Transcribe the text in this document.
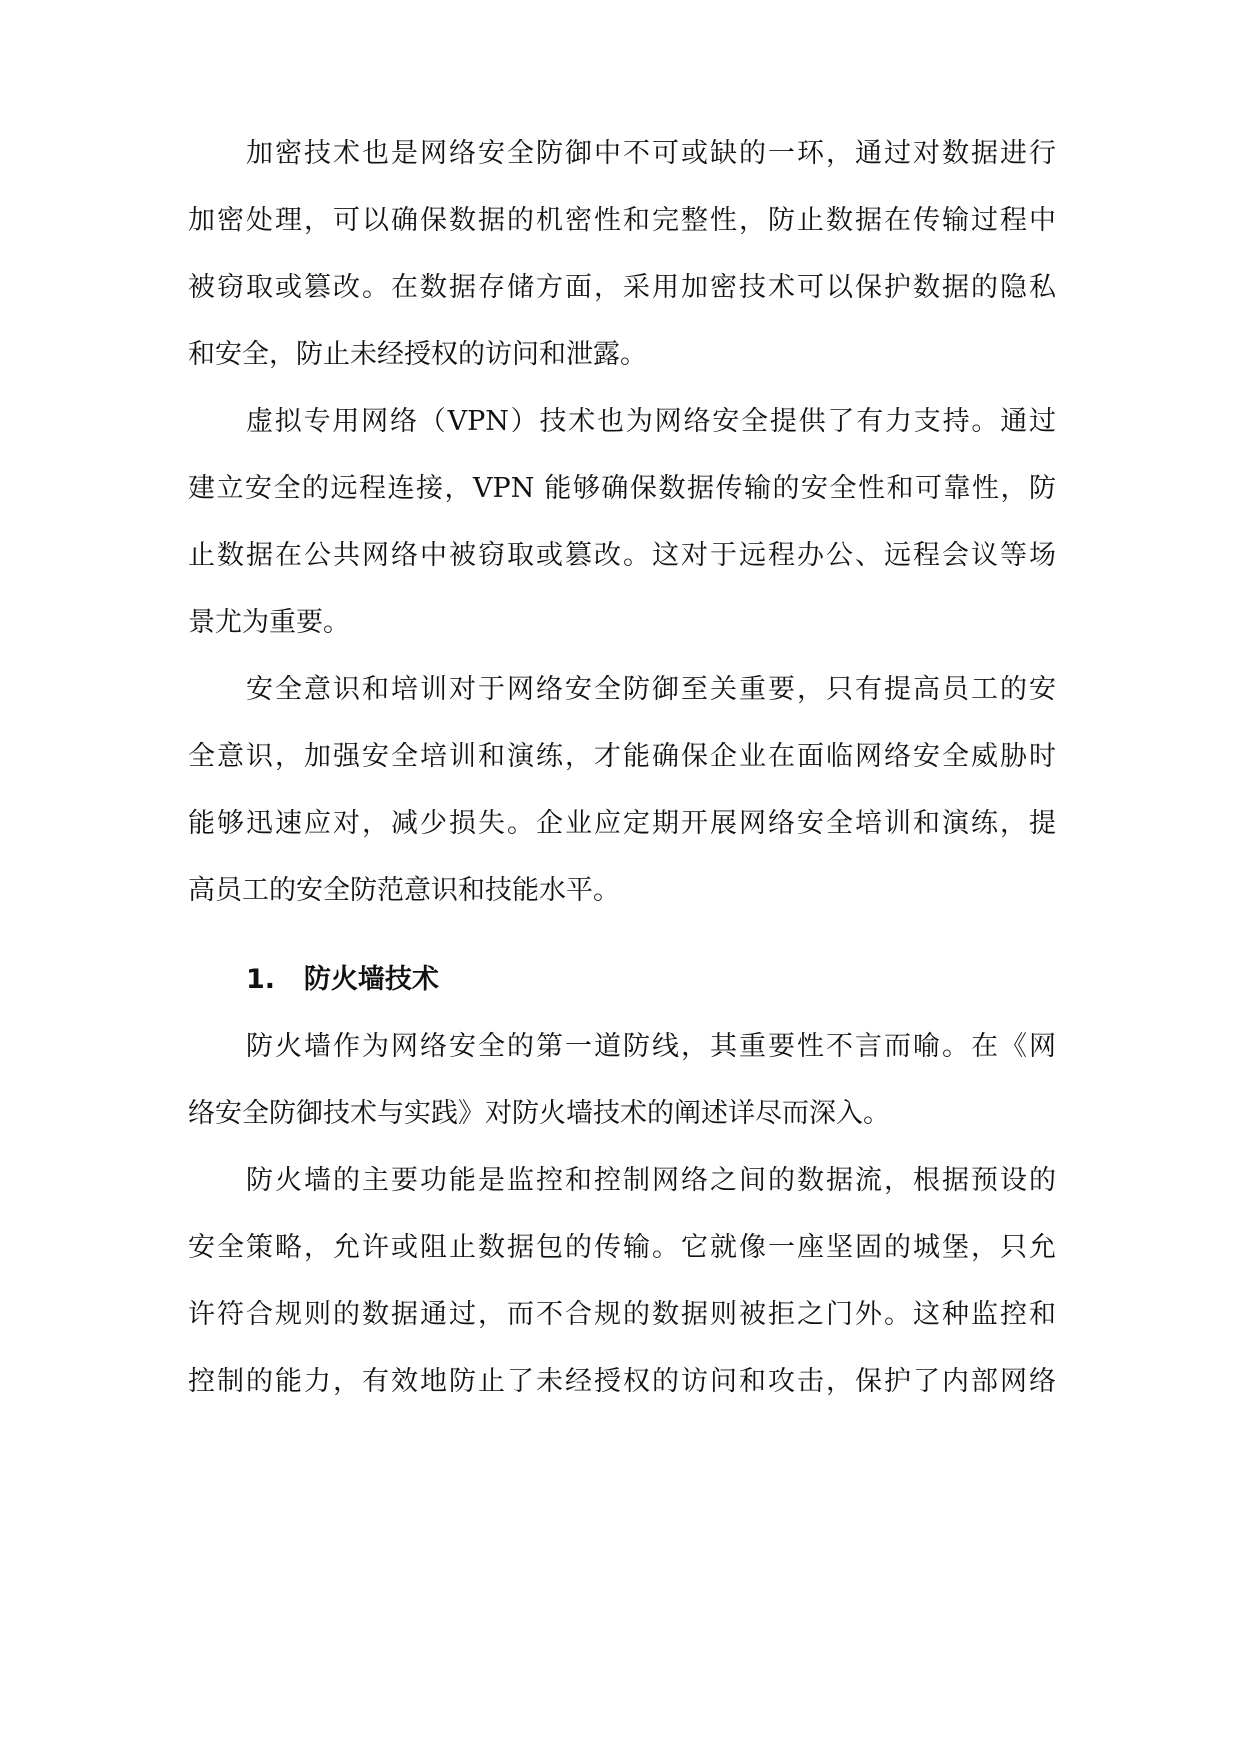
加密技术也是网络安全防御中不可或缺的一环，通过对数据进行
加密处理，可以确保数据的机密性和完整性，防止数据在传输过程中
被窃取或篡改。在数据存储方面，采用加密技术可以保护数据的隐私
和安全，防止未经授权的访问和泄露。
虚拟专用网络（VPN）技术也为网络安全提供了有力支持。通过
建立安全的远程连接，VPN 能够确保数据传输的安全性和可靠性，防
止数据在公共网络中被窃取或篡改。这对于远程办公、远程会议等场
景尤为重要。
安全意识和培训对于网络安全防御至关重要，只有提高员工的安
全意识，加强安全培训和演练，才能确保企业在面临网络安全威胁时
能够迅速应对，减少损失。企业应定期开展网络安全培训和演练，提
高员工的安全防范意识和技能水平。
1. 防火墙技术
防火墙作为网络安全的第一道防线，其重要性不言而喻。在《网
络安全防御技术与实践》对防火墙技术的阐述详尽而深入。
防火墙的主要功能是监控和控制网络之间的数据流，根据预设的
安全策略，允许或阻止数据包的传输。它就像一座坚固的城堡，只允
许符合规则的数据通过，而不合规的数据则被拒之门外。这种监控和
控制的能力，有效地防止了未经授权的访问和攻击，保护了内部网络
